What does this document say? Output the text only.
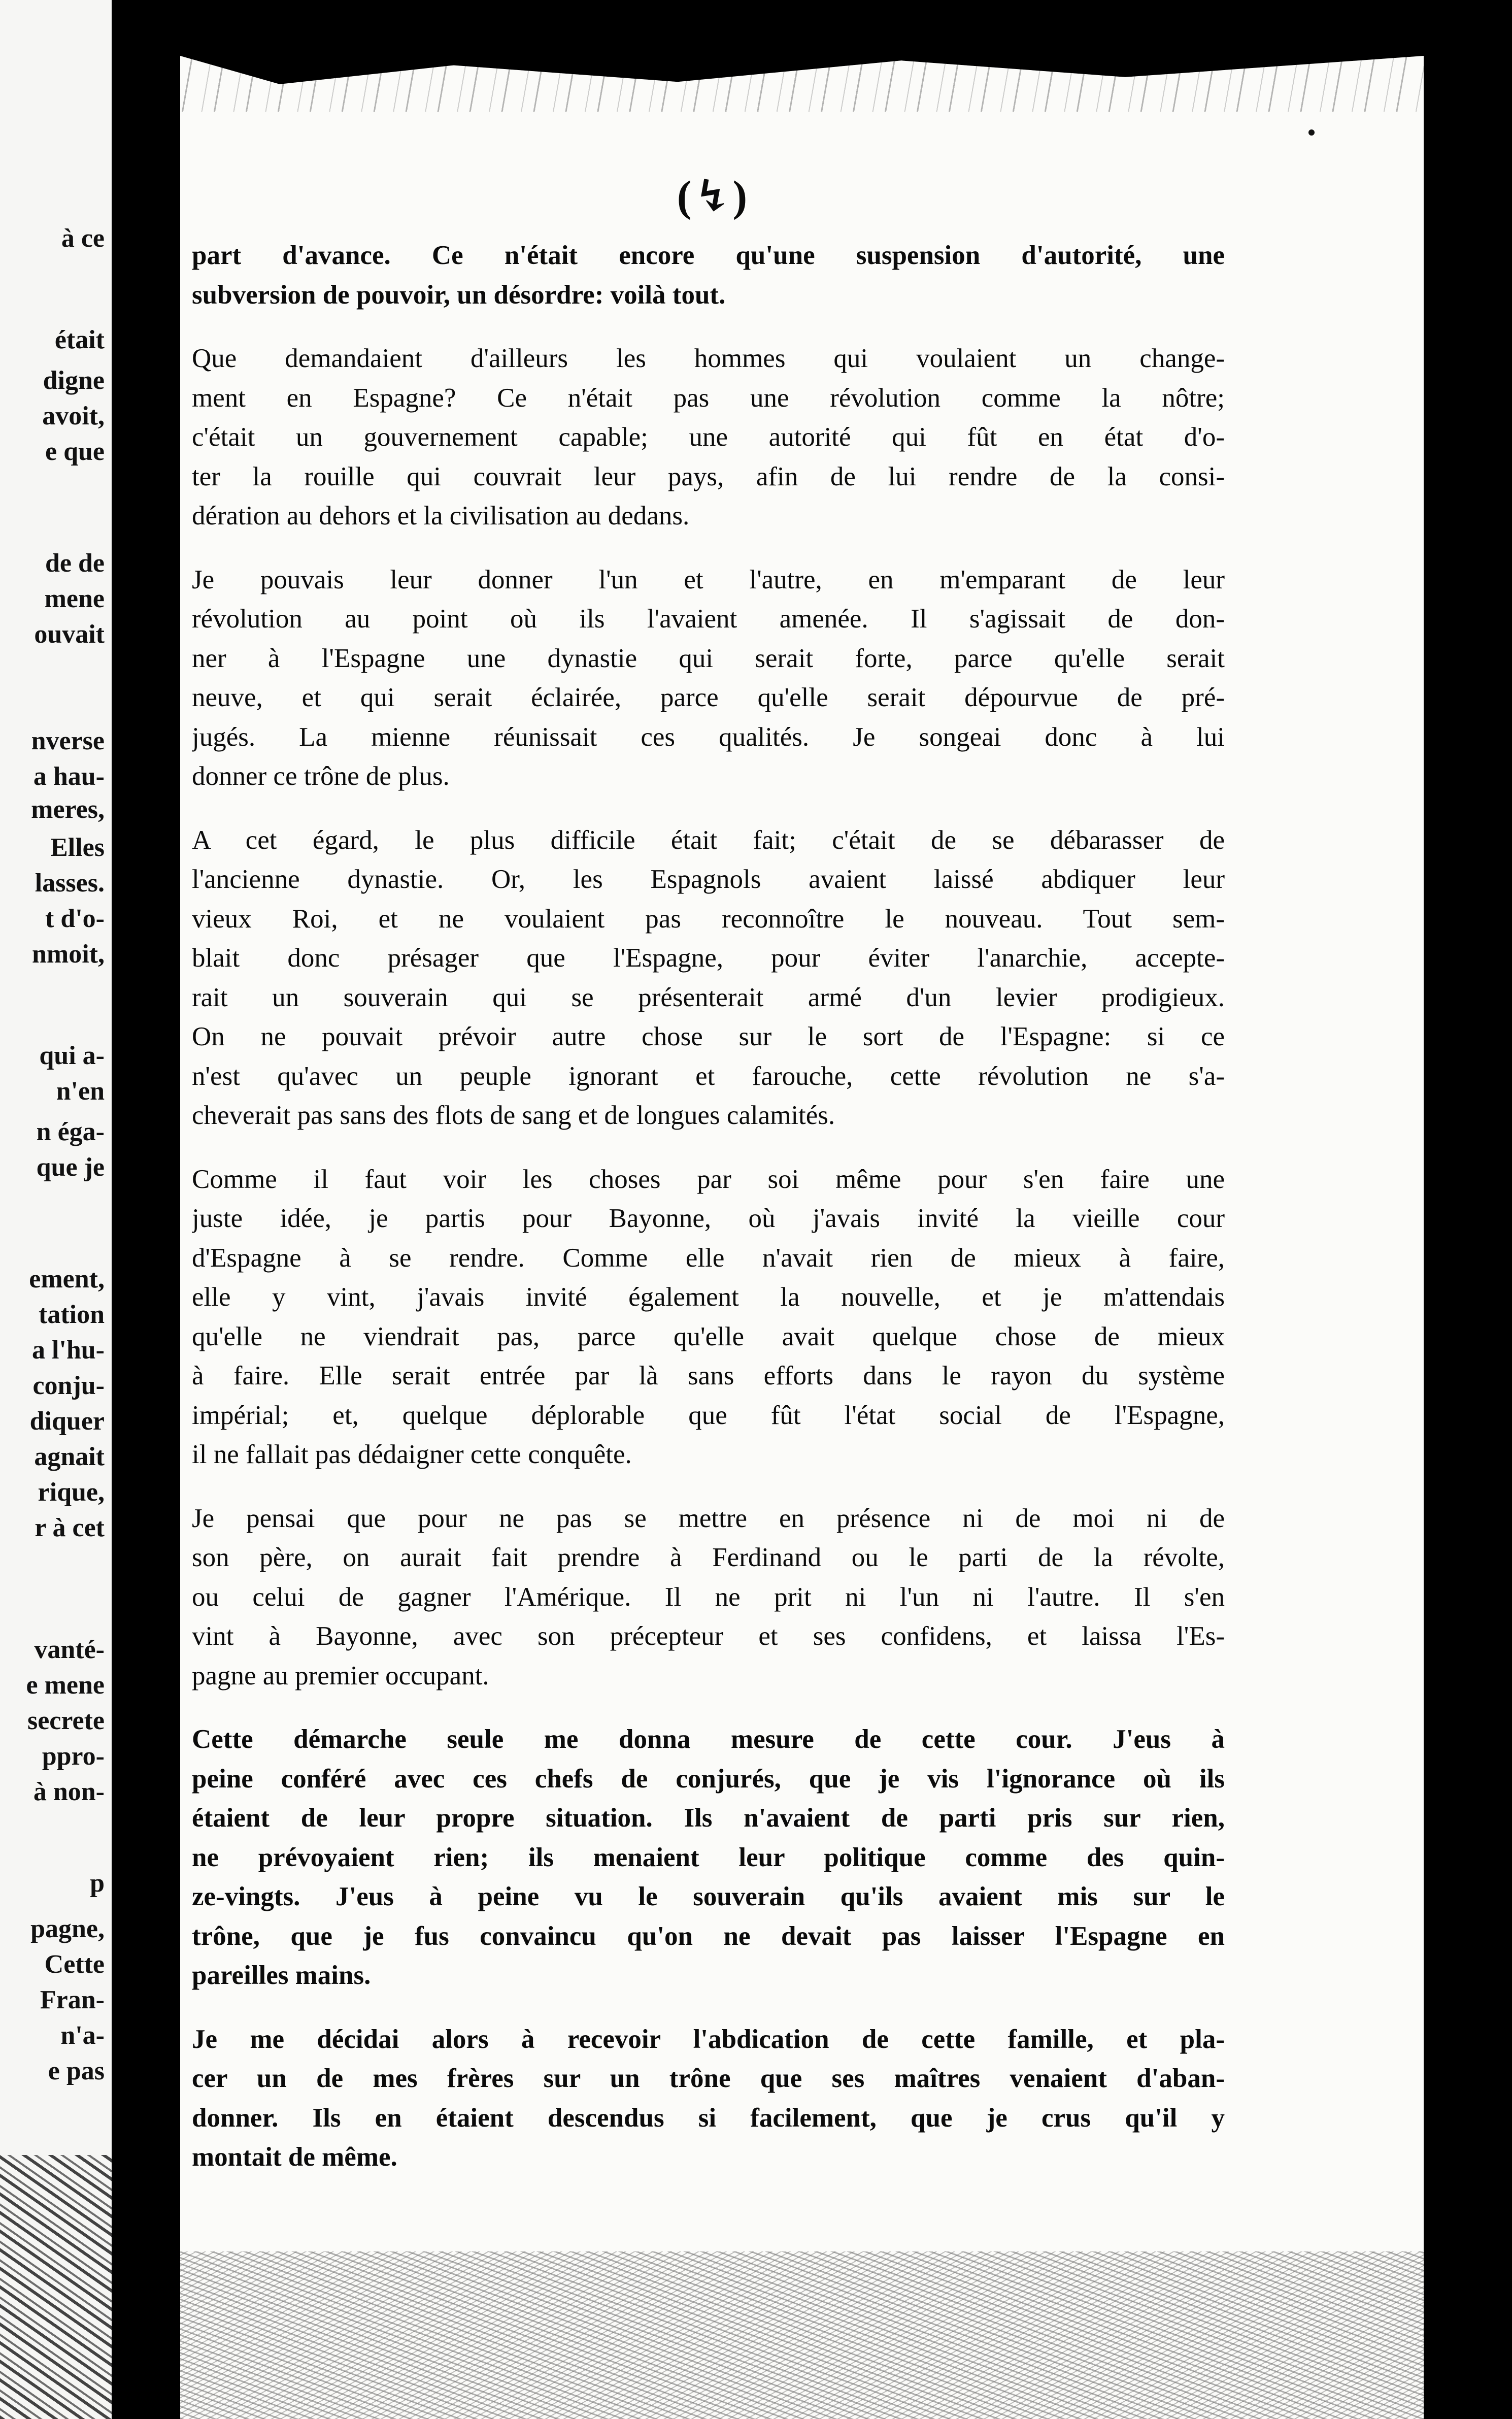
à ce
était
digne
avoit,
e que
de de
mene
ouvait
nverse
a hau-
meres,
Elles
lasses.
t d'o-
nmoit,
qui a-
n'en
n éga-
que je
ement,
tation
a l'hu-
conju-
diquer
agnait
rique,
r à cet
vanté-
e mene
secrete
ppro-
à non-
p
pagne,
Cette
Fran-
n'a-
e pas
(↯)
part d'avance. Ce n'était encore qu'une suspension d'autorité, une
subversion de pouvoir, un désordre: voilà tout.
Que demandaient d'ailleurs les hommes qui voulaient un change-
ment en Espagne? Ce n'était pas une révolution comme la nôtre;
c'était un gouvernement capable; une autorité qui fût en état d'o-
ter la rouille qui couvrait leur pays, afin de lui rendre de la consi-
dération au dehors et la civilisation au dedans.
Je pouvais leur donner l'un et l'autre, en m'emparant de leur
révolution au point où ils l'avaient amenée. Il s'agissait de don-
ner à l'Espagne une dynastie qui serait forte, parce qu'elle serait
neuve, et qui serait éclairée, parce qu'elle serait dépourvue de pré-
jugés. La mienne réunissait ces qualités. Je songeai donc à lui
donner ce trône de plus.
A cet égard, le plus difficile était fait; c'était de se débarasser de
l'ancienne dynastie. Or, les Espagnols avaient laissé abdiquer leur
vieux Roi, et ne voulaient pas reconnoître le nouveau. Tout sem-
blait donc présager que l'Espagne, pour éviter l'anarchie, accepte-
rait un souverain qui se présenterait armé d'un levier prodigieux.
On ne pouvait prévoir autre chose sur le sort de l'Espagne: si ce
n'est qu'avec un peuple ignorant et farouche, cette révolution ne s'a-
cheverait pas sans des flots de sang et de longues calamités.
Comme il faut voir les choses par soi même pour s'en faire une
juste idée, je partis pour Bayonne, où j'avais invité la vieille cour
d'Espagne à se rendre. Comme elle n'avait rien de mieux à faire,
elle y vint, j'avais invité également la nouvelle, et je m'attendais
qu'elle ne viendrait pas, parce qu'elle avait quelque chose de mieux
à faire. Elle serait entrée par là sans efforts dans le rayon du système
impérial; et, quelque déplorable que fût l'état social de l'Espagne,
il ne fallait pas dédaigner cette conquête.
Je pensai que pour ne pas se mettre en présence ni de moi ni de
son père, on aurait fait prendre à Ferdinand ou le parti de la révolte,
ou celui de gagner l'Amérique. Il ne prit ni l'un ni l'autre. Il s'en
vint à Bayonne, avec son précepteur et ses confidens, et laissa l'Es-
pagne au premier occupant.
Cette démarche seule me donna mesure de cette cour. J'eus à
peine conféré avec ces chefs de conjurés, que je vis l'ignorance où ils
étaient de leur propre situation. Ils n'avaient de parti pris sur rien,
ne prévoyaient rien; ils menaient leur politique comme des quin-
ze-vingts. J'eus à peine vu le souverain qu'ils avaient mis sur le
trône, que je fus convaincu qu'on ne devait pas laisser l'Espagne en
pareilles mains.
Je me décidai alors à recevoir l'abdication de cette famille, et pla-
cer un de mes frères sur un trône que ses maîtres venaient d'aban-
donner. Ils en étaient descendus si facilement, que je crus qu'il y
montait de même.
